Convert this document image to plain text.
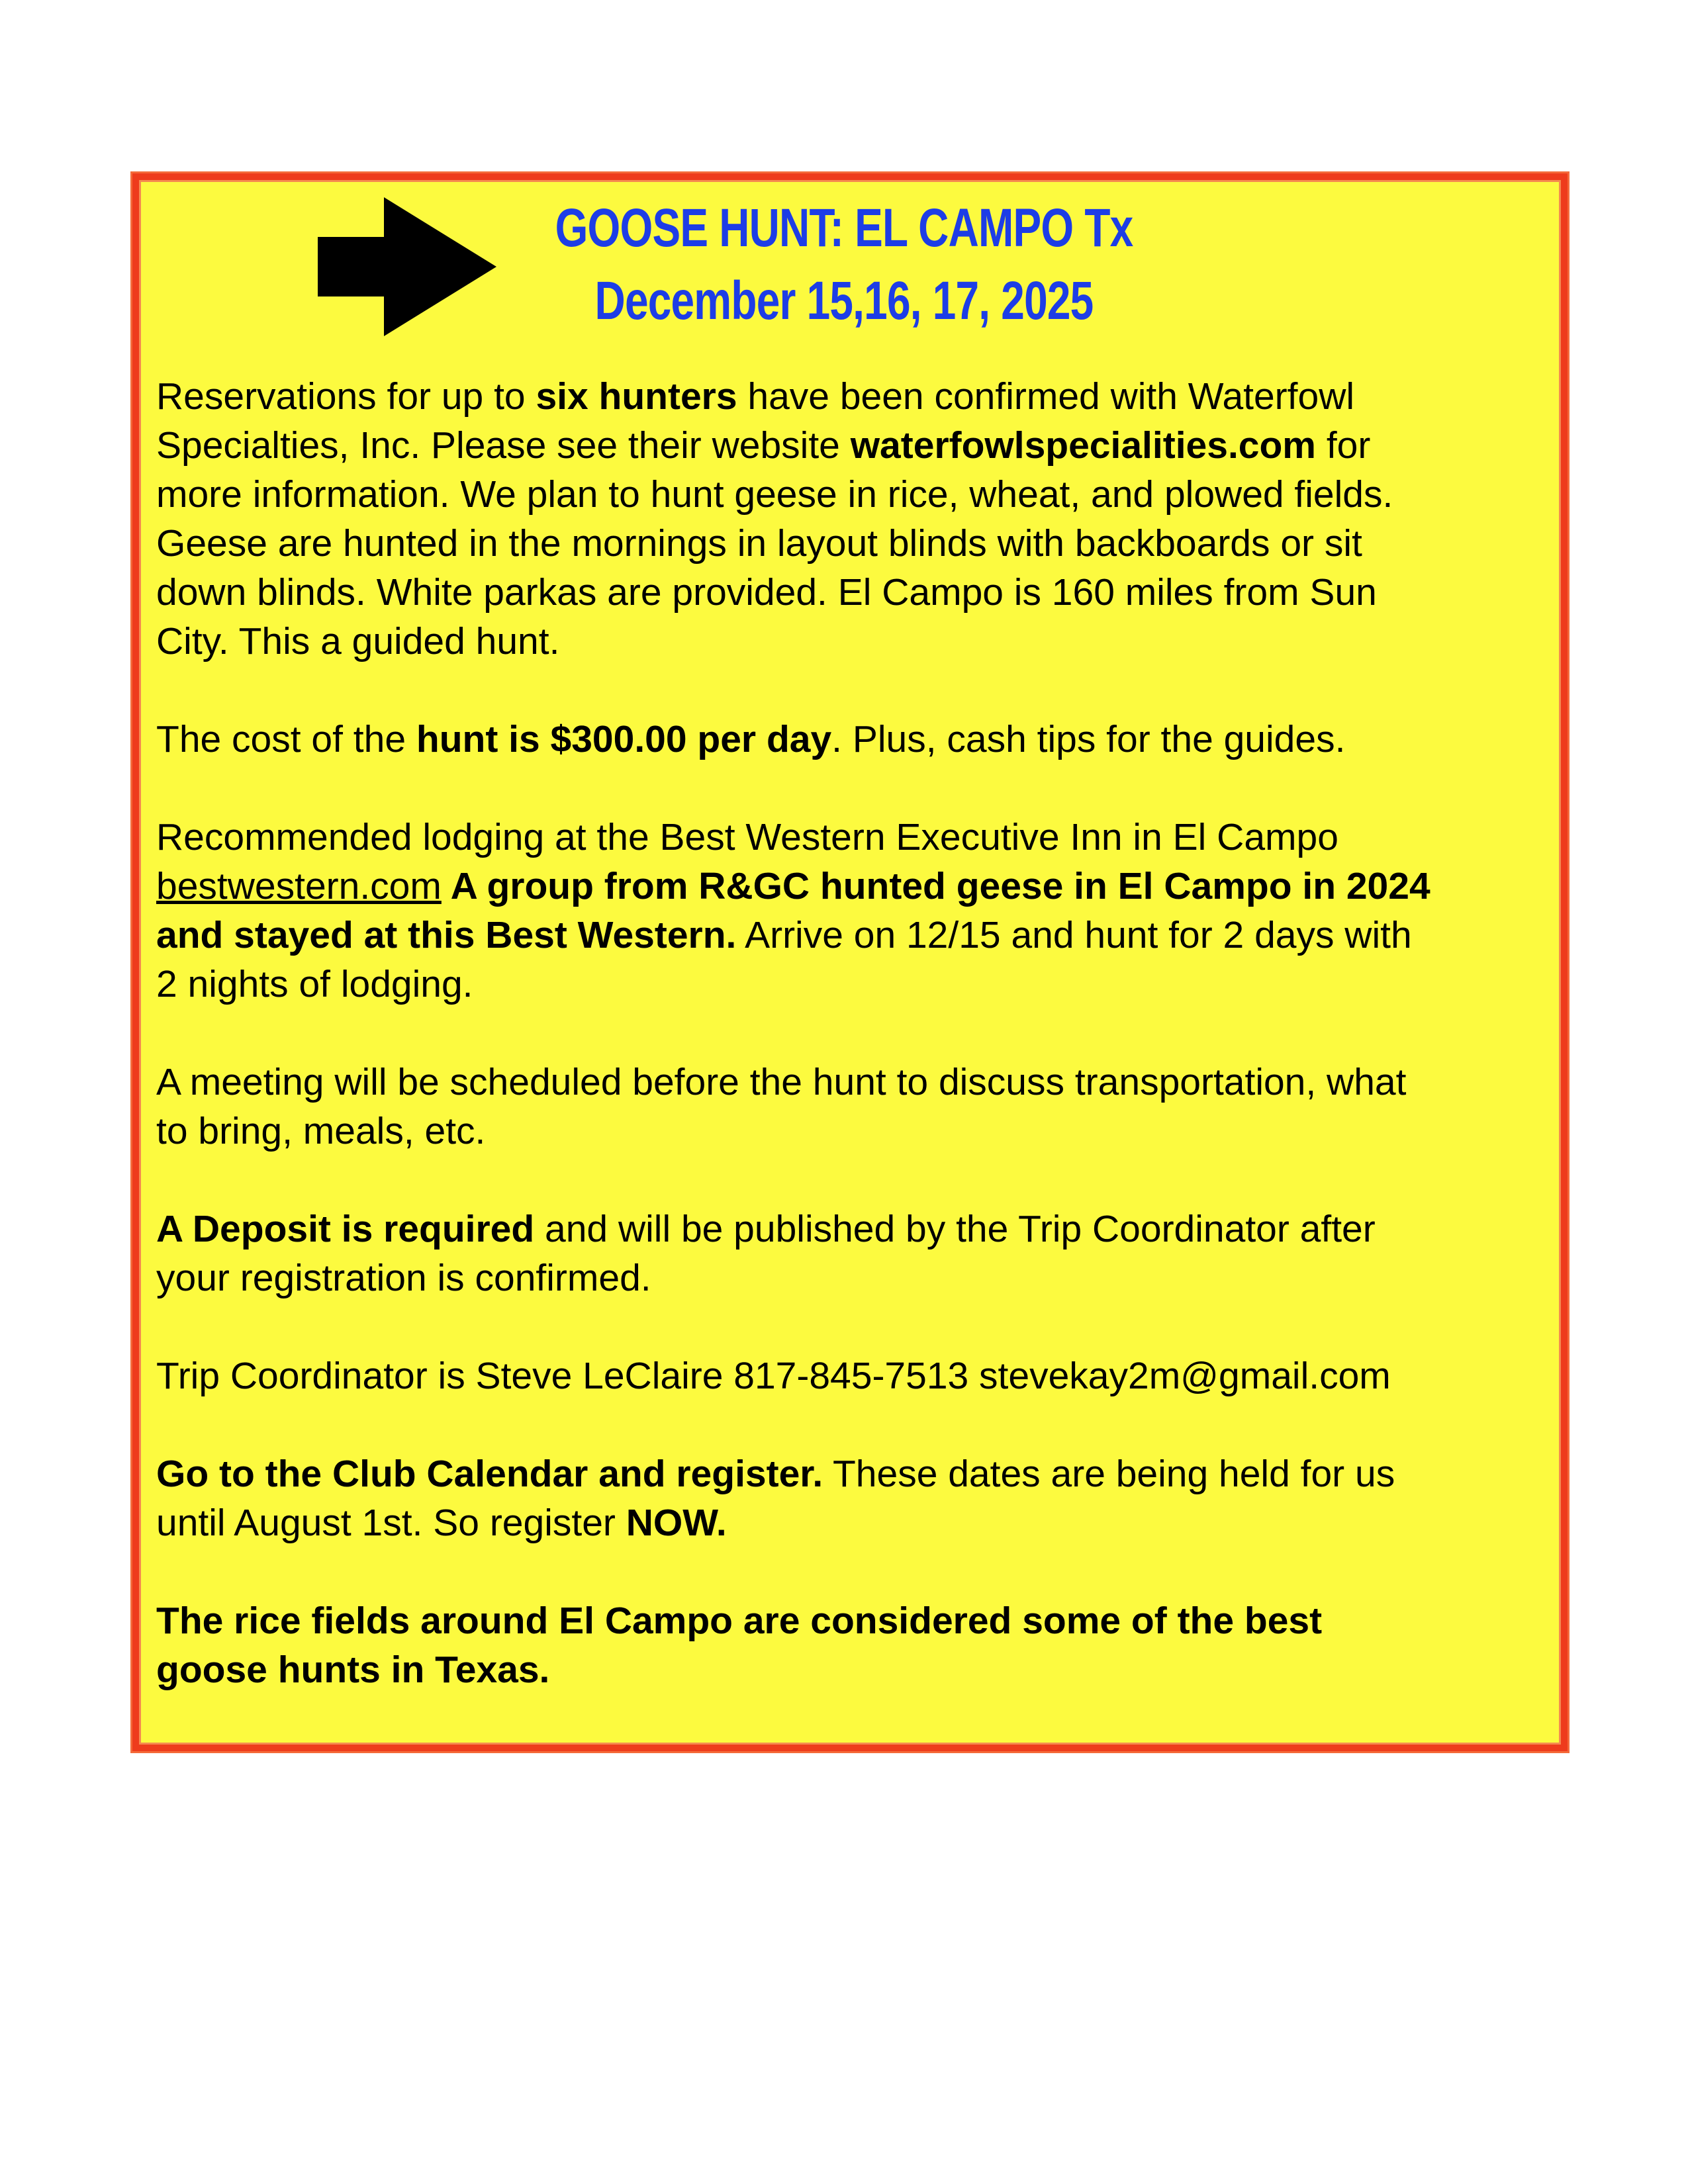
GOOSE HUNT: EL CAMPO Tx
December 15,16, 17, 2025

Reservations for up to six hunters have been confirmed with Waterfowl
Specialties, Inc. Please see their website waterfowlspecialities.com for
more information. We plan to hunt geese in rice, wheat, and plowed fields.
Geese are hunted in the mornings in layout blinds with backboards or sit
down blinds. White parkas are provided. El Campo is 160 miles from Sun
City. This a guided hunt.

The cost of the hunt is $300.00 per day. Plus, cash tips for the guides.

Recommended lodging at the Best Western Executive Inn in El Campo
bestwestern.com A group from R&GC hunted geese in El Campo in 2024
and stayed at this Best Western. Arrive on 12/15 and hunt for 2 days with
2 nights of lodging.

A meeting will be scheduled before the hunt to discuss transportation, what
to bring, meals, etc.

A Deposit is required and will be published by the Trip Coordinator after
your registration is confirmed.

Trip Coordinator is Steve LeClaire 817-845-7513 stevekay2m@gmail.com

Go to the Club Calendar and register. These dates are being held for us
until August 1st. So register NOW.

The rice fields around El Campo are considered some of the best
goose hunts in Texas.
